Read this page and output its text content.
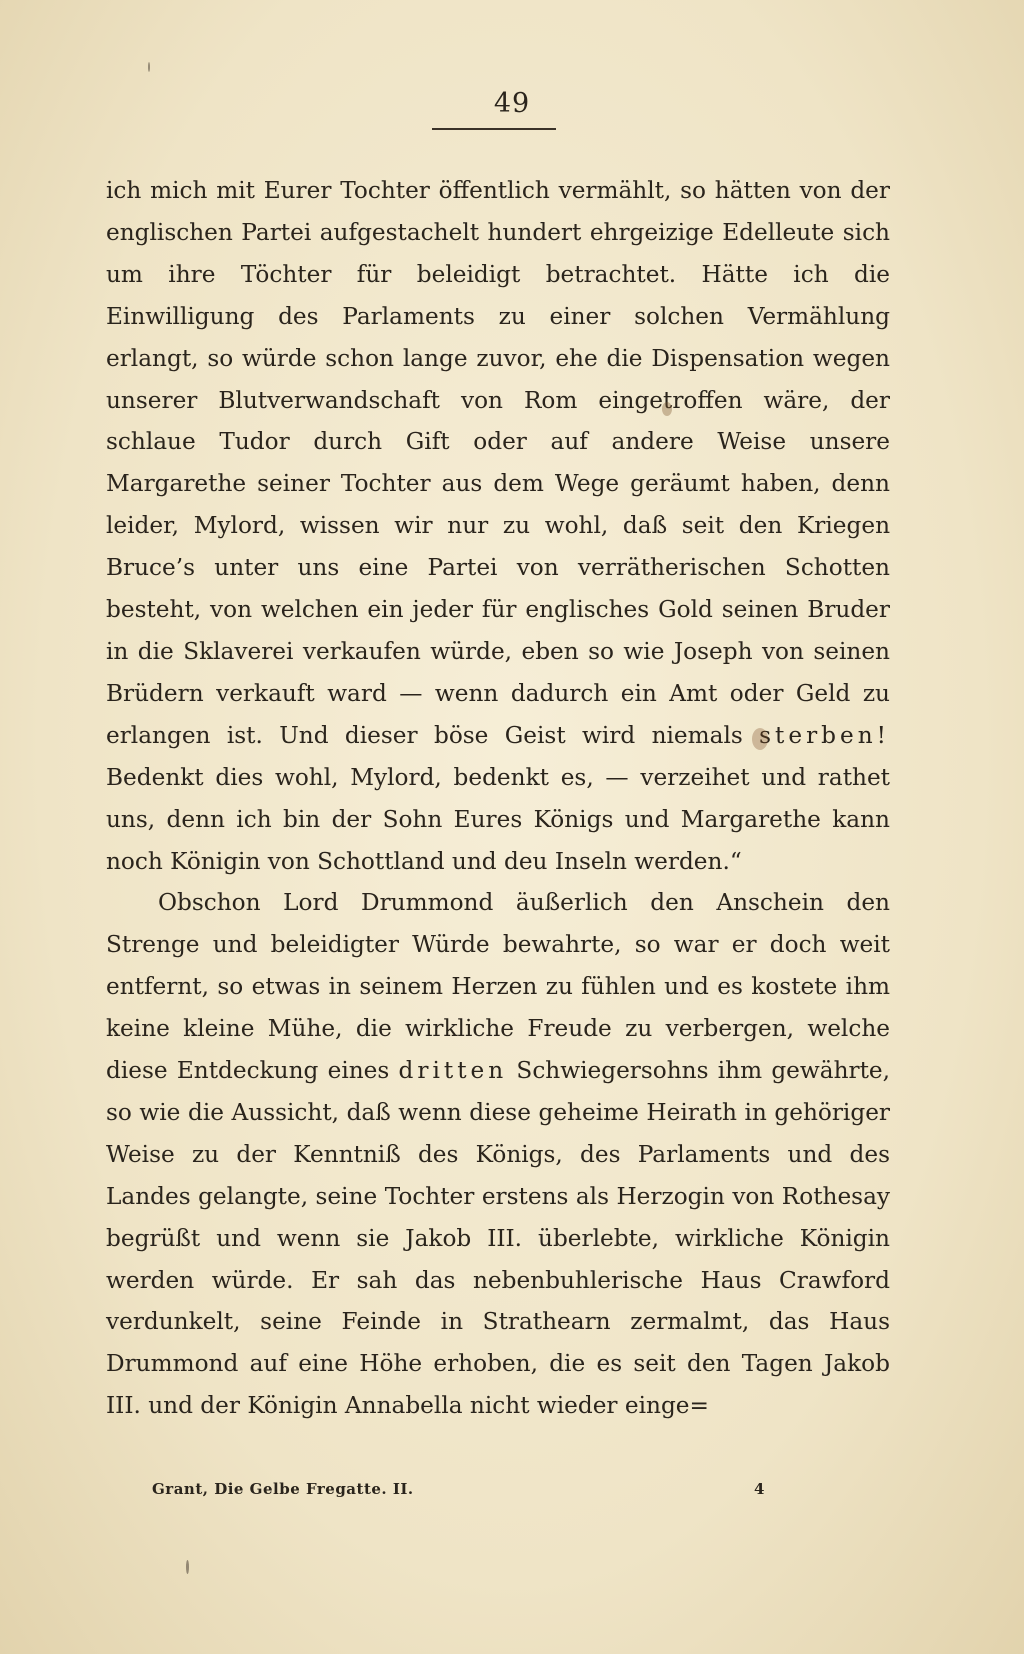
49

ich mich mit Eurer Tochter öffentlich vermählt, so hätten von der englischen Partei aufgestachelt hundert ehrgeizige Edelleute sich um ihre Töchter für beleidigt betrachtet. Hätte ich die Einwilligung des Parlaments zu einer solchen Vermählung erlangt, so würde schon lange zuvor, ehe die Dispensation wegen unserer Blutverwandschaft von Rom eingetroffen wäre, der schlaue Tudor durch Gift oder auf andere Weise unsere Margarethe seiner Tochter aus dem Wege geräumt haben, denn leider, Mylord, wissen wir nur zu wohl, daß seit den Kriegen Bruce’s unter uns eine Partei von verrätherischen Schotten besteht, von welchen ein jeder für englisches Gold seinen Bruder in die Sklaverei verkaufen würde, eben so wie Joseph von seinen Brüdern verkauft ward — wenn dadurch ein Amt oder Geld zu erlangen ist. Und dieser böse Geist wird niemals sterben! Bedenkt dies wohl, Mylord, bedenkt es, — verzeihet und rathet uns, denn ich bin der Sohn Eures Königs und Margarethe kann noch Königin von Schottland und deu Inseln werden.“

Obschon Lord Drummond äußerlich den Anschein den Strenge und beleidigter Würde bewahrte, so war er doch weit entfernt, so etwas in seinem Herzen zu fühlen und es kostete ihm keine kleine Mühe, die wirkliche Freude zu verbergen, welche diese Entdeckung eines dritten Schwiegersohns ihm gewährte, so wie die Aussicht, daß wenn diese geheime Heirath in gehöriger Weise zu der Kenntniß des Königs, des Parlaments und des Landes gelangte, seine Tochter erstens als Herzogin von Rothesay begrüßt und wenn sie Jakob III. überlebte, wirkliche Königin werden würde. Er sah das nebenbuhlerische Haus Crawford verdunkelt, seine Feinde in Strathearn zermalmt, das Haus Drummond auf eine Höhe erhoben, die es seit den Tagen Jakob III. und der Königin Annabella nicht wieder einge=

Grant, Die Gelbe Fregatte. II.	4
